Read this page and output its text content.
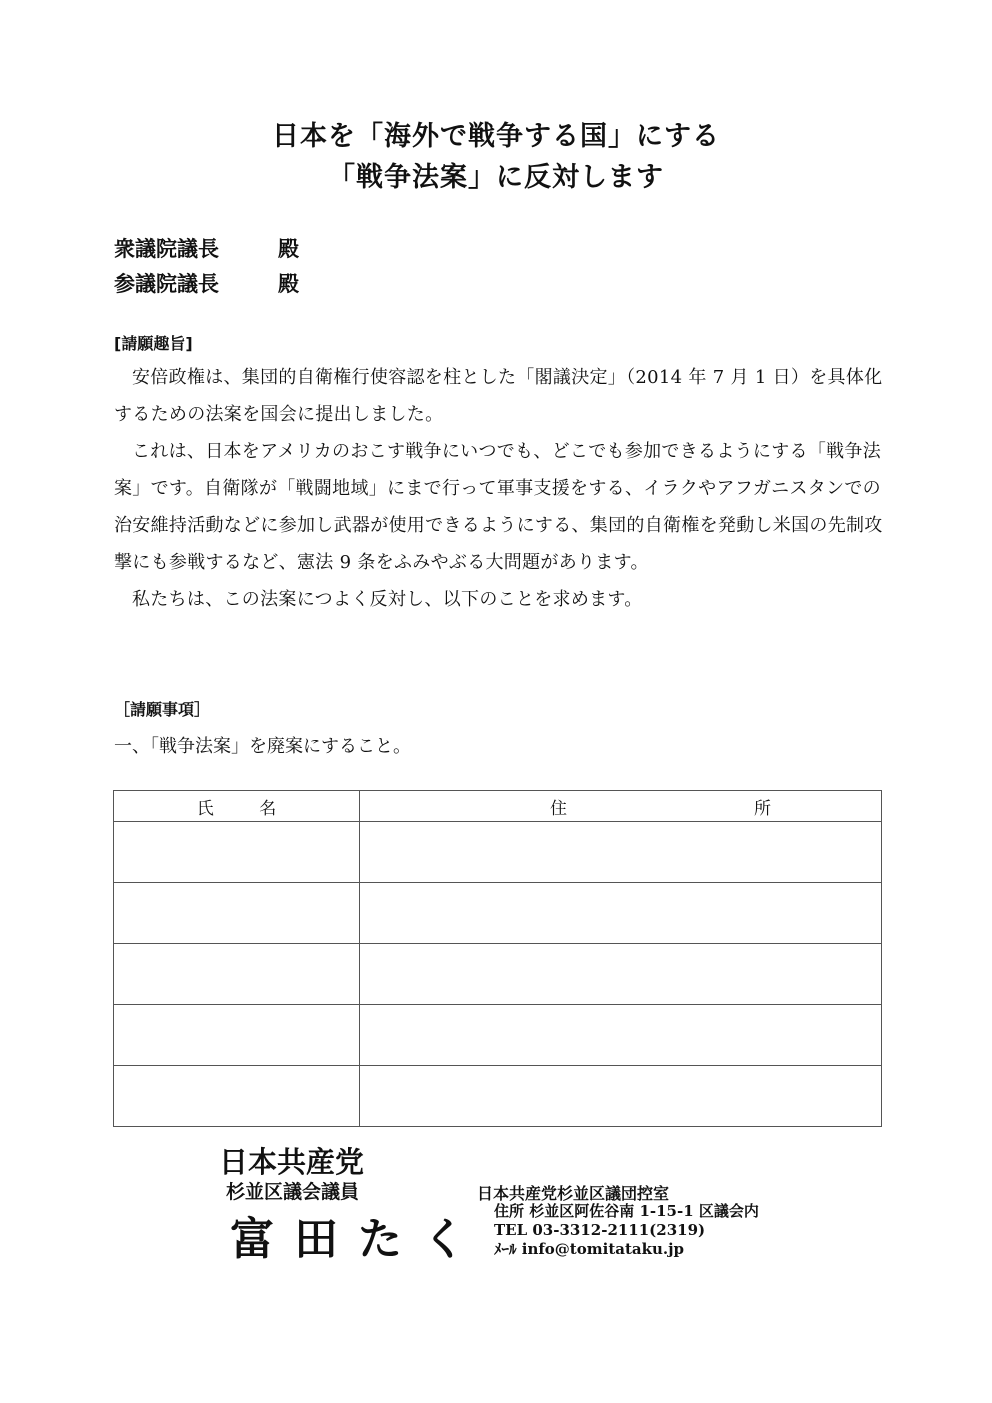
日本を「海外で戦争する国」にする
「戦争法案」に反対します
衆議院議長	殿
参議院議長	殿
[請願趣旨]

安倍政権は、集団的自衛権行使容認を柱とした「閣議決定」（2014 年 7 月 1 日）を具体化するための法案を国会に提出しました。

これは、日本をアメリカのおこす戦争にいつでも、どこでも参加できるようにする「戦争法案」です。自衛隊が「戦闘地域」にまで行って軍事支援をする、イラクやアフガニスタンでの治安維持活動などに参加し武器が使用できるようにする、集団的自衛権を発動し米国の先制攻撃にも参戦するなど、憲法 9 条をふみやぶる大問題があります。

私たちは、この法案につよく反対し、以下のことを求めます。

［請願事項］
一、「戦争法案」を廃案にすること。
氏 名	住 所

日本共産党
杉並区議会議員
富田たく
日本共産党杉並区議団控室
住所 杉並区阿佐谷南 1-15-1 区議会内
TEL 03-3312-2111(2319)
ﾒｰﾙ info@tomitataku.jp
